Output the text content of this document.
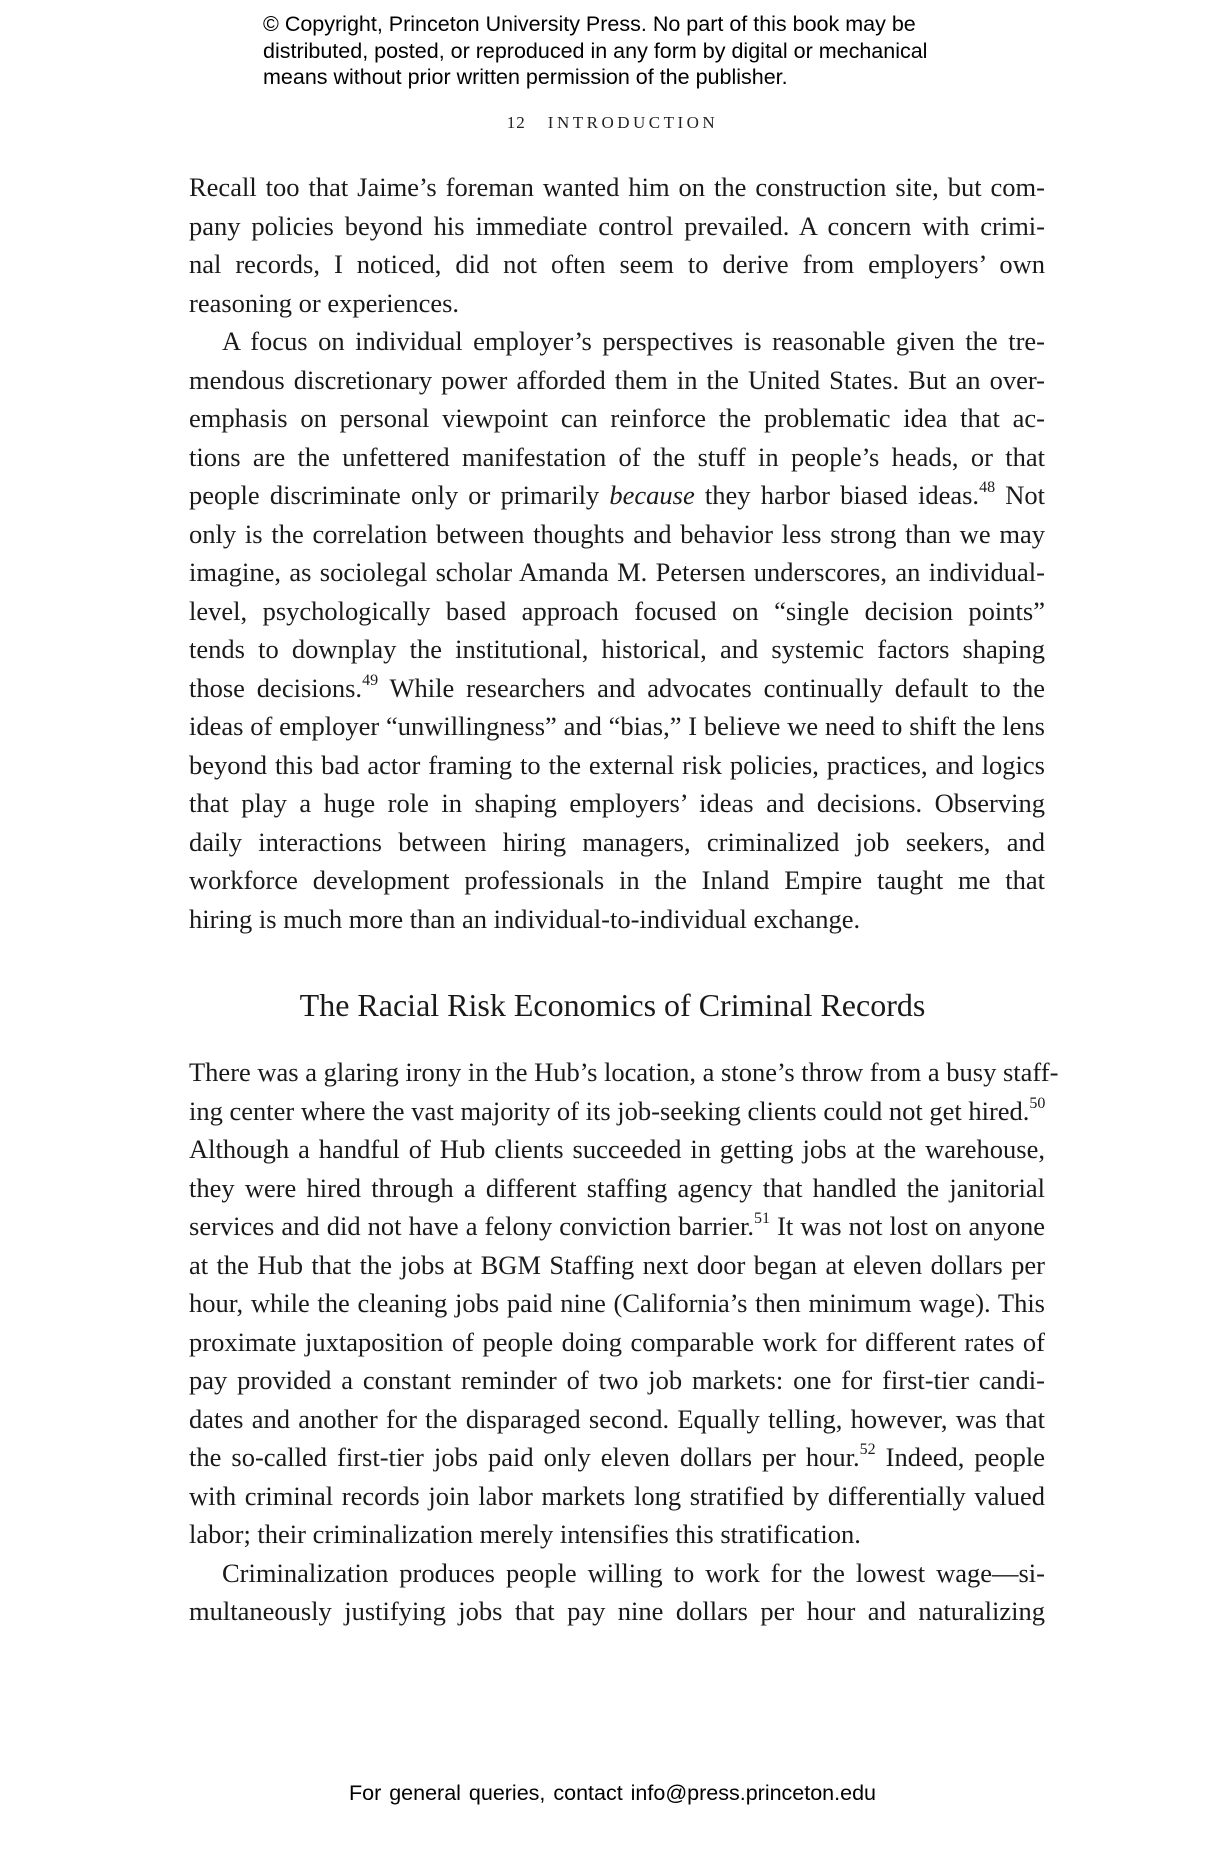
© Copyright, Princeton University Press. No part of this book may be
distributed, posted, or reproduced in any form by digital or mechanical
means without prior written permission of the publisher.
12 INTRODUCTION
Recall too that Jaime’s foreman wanted him on the construction site, but com-
pany policies beyond his immediate control prevailed. A concern with crimi-
nal records, I noticed, did not often seem to derive from employers’ own
reasoning or experiences.
A focus on individual employer’s perspectives is reasonable given the tre-
mendous discretionary power afforded them in the United States. But an over-
emphasis on personal viewpoint can reinforce the problematic idea that ac-
tions are the unfettered manifestation of the stuff in people’s heads, or that
people discriminate only or primarily because they harbor biased ideas.$^{48}$ Not
only is the correlation between thoughts and behavior less strong than we may
imagine, as sociolegal scholar Amanda M. Petersen underscores, an individual-
level, psychologically based approach focused on “single decision points”
tends to downplay the institutional, historical, and systemic factors shaping
those decisions.$^{49}$ While researchers and advocates continually default to the
ideas of employer “unwillingness” and “bias,” I believe we need to shift the lens
beyond this bad actor framing to the external risk policies, practices, and logics
that play a huge role in shaping employers’ ideas and decisions. Observing
daily interactions between hiring managers, criminalized job seekers, and
workforce development professionals in the Inland Empire taught me that
hiring is much more than an individual-to-individual exchange.
The Racial Risk Economics of Criminal Records
There was a glaring irony in the Hub’s location, a stone’s throw from a busy staff-
ing center where the vast majority of its job-seeking clients could not get hired.$^{50}$
Although a handful of Hub clients succeeded in getting jobs at the warehouse,
they were hired through a different staffing agency that handled the janitorial
services and did not have a felony conviction barrier.$^{51}$ It was not lost on anyone
at the Hub that the jobs at BGM Staffing next door began at eleven dollars per
hour, while the cleaning jobs paid nine (California’s then minimum wage). This
proximate juxtaposition of people doing comparable work for different rates of
pay provided a constant reminder of two job markets: one for first-tier candi-
dates and another for the disparaged second. Equally telling, however, was that
the so-called first-tier jobs paid only eleven dollars per hour.$^{52}$ Indeed, people
with criminal records join labor markets long stratified by differentially valued
labor; their criminalization merely intensifies this stratification.
Criminalization produces people willing to work for the lowest wage—si-
multaneously justifying jobs that pay nine dollars per hour and naturalizing
For general queries, contact info@press.princeton.edu
